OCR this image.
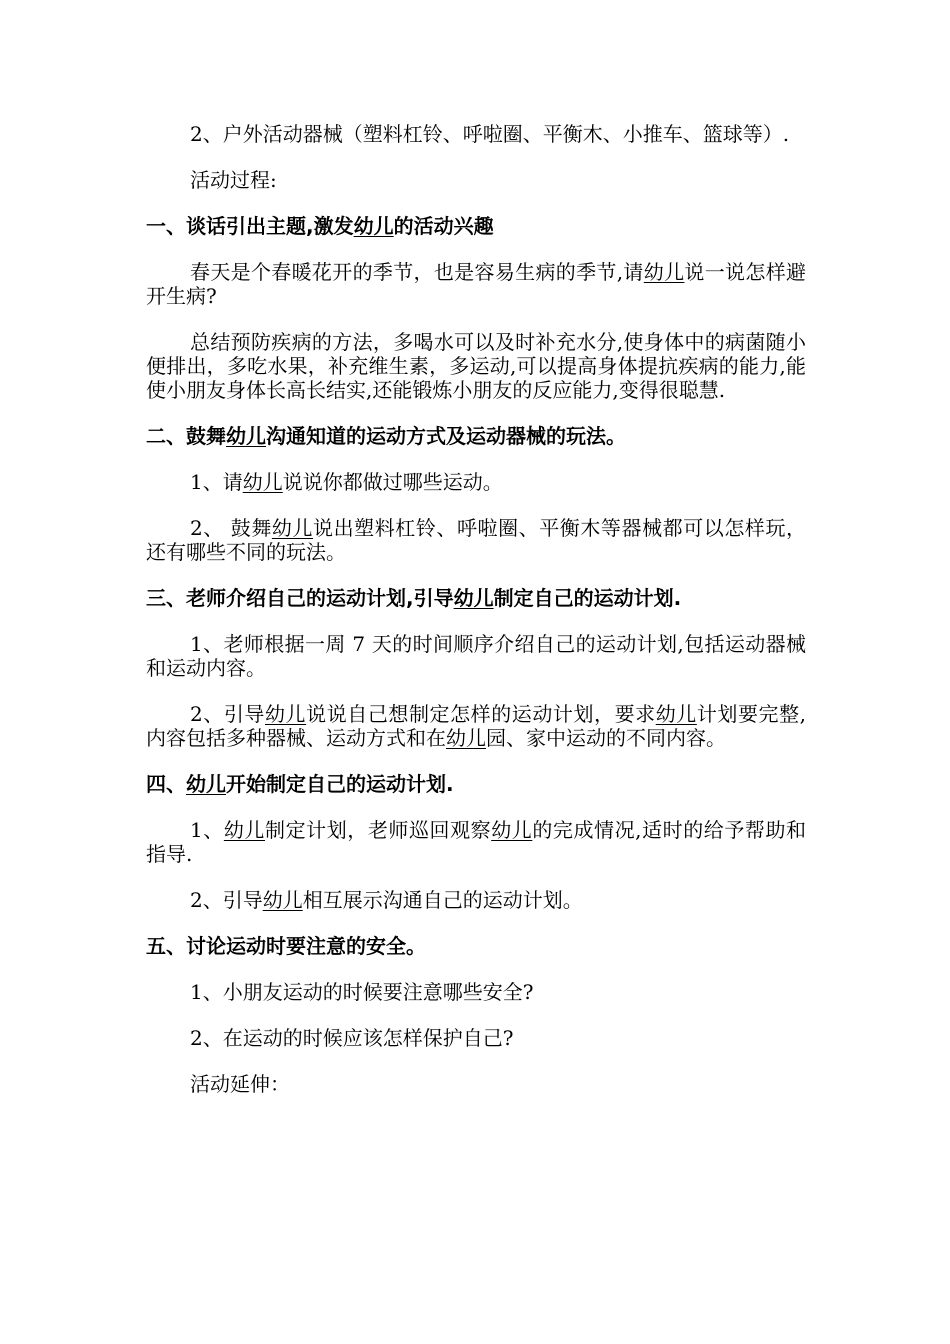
2、户外活动器械（塑料杠铃、呼啦圈、平衡木、小推车、篮球等）.

活动过程:

一、谈话引出主题,激发幼儿的活动兴趣

春天是个春暖花开的季节，也是容易生病的季节,请幼儿说一说怎样避开生病?

总结预防疾病的方法，多喝水可以及时补充水分,使身体中的病菌随小便排出，多吃水果，补充维生素，多运动,可以提高身体提抗疾病的能力,能使小朋友身体长高长结实,还能锻炼小朋友的反应能力,变得很聪慧.

二、鼓舞幼儿沟通知道的运动方式及运动器械的玩法。

1、请幼儿说说你都做过哪些运动。

2、 鼓舞幼儿说出塑料杠铃、呼啦圈、平衡木等器械都可以怎样玩，还有哪些不同的玩法。

三、老师介绍自己的运动计划,引导幼儿制定自己的运动计划.

1、老师根据一周 7 天的时间顺序介绍自己的运动计划,包括运动器械和运动内容。

2、引导幼儿说说自己想制定怎样的运动计划，要求幼儿计划要完整,内容包括多种器械、运动方式和在幼儿园、家中运动的不同内容。

四、幼儿开始制定自己的运动计划.

1、幼儿制定计划，老师巡回观察幼儿的完成情况,适时的给予帮助和指导.

2、引导幼儿相互展示沟通自己的运动计划。

五、讨论运动时要注意的安全。

1、小朋友运动的时候要注意哪些安全?

2、在运动的时候应该怎样保护自己?

活动延伸：
